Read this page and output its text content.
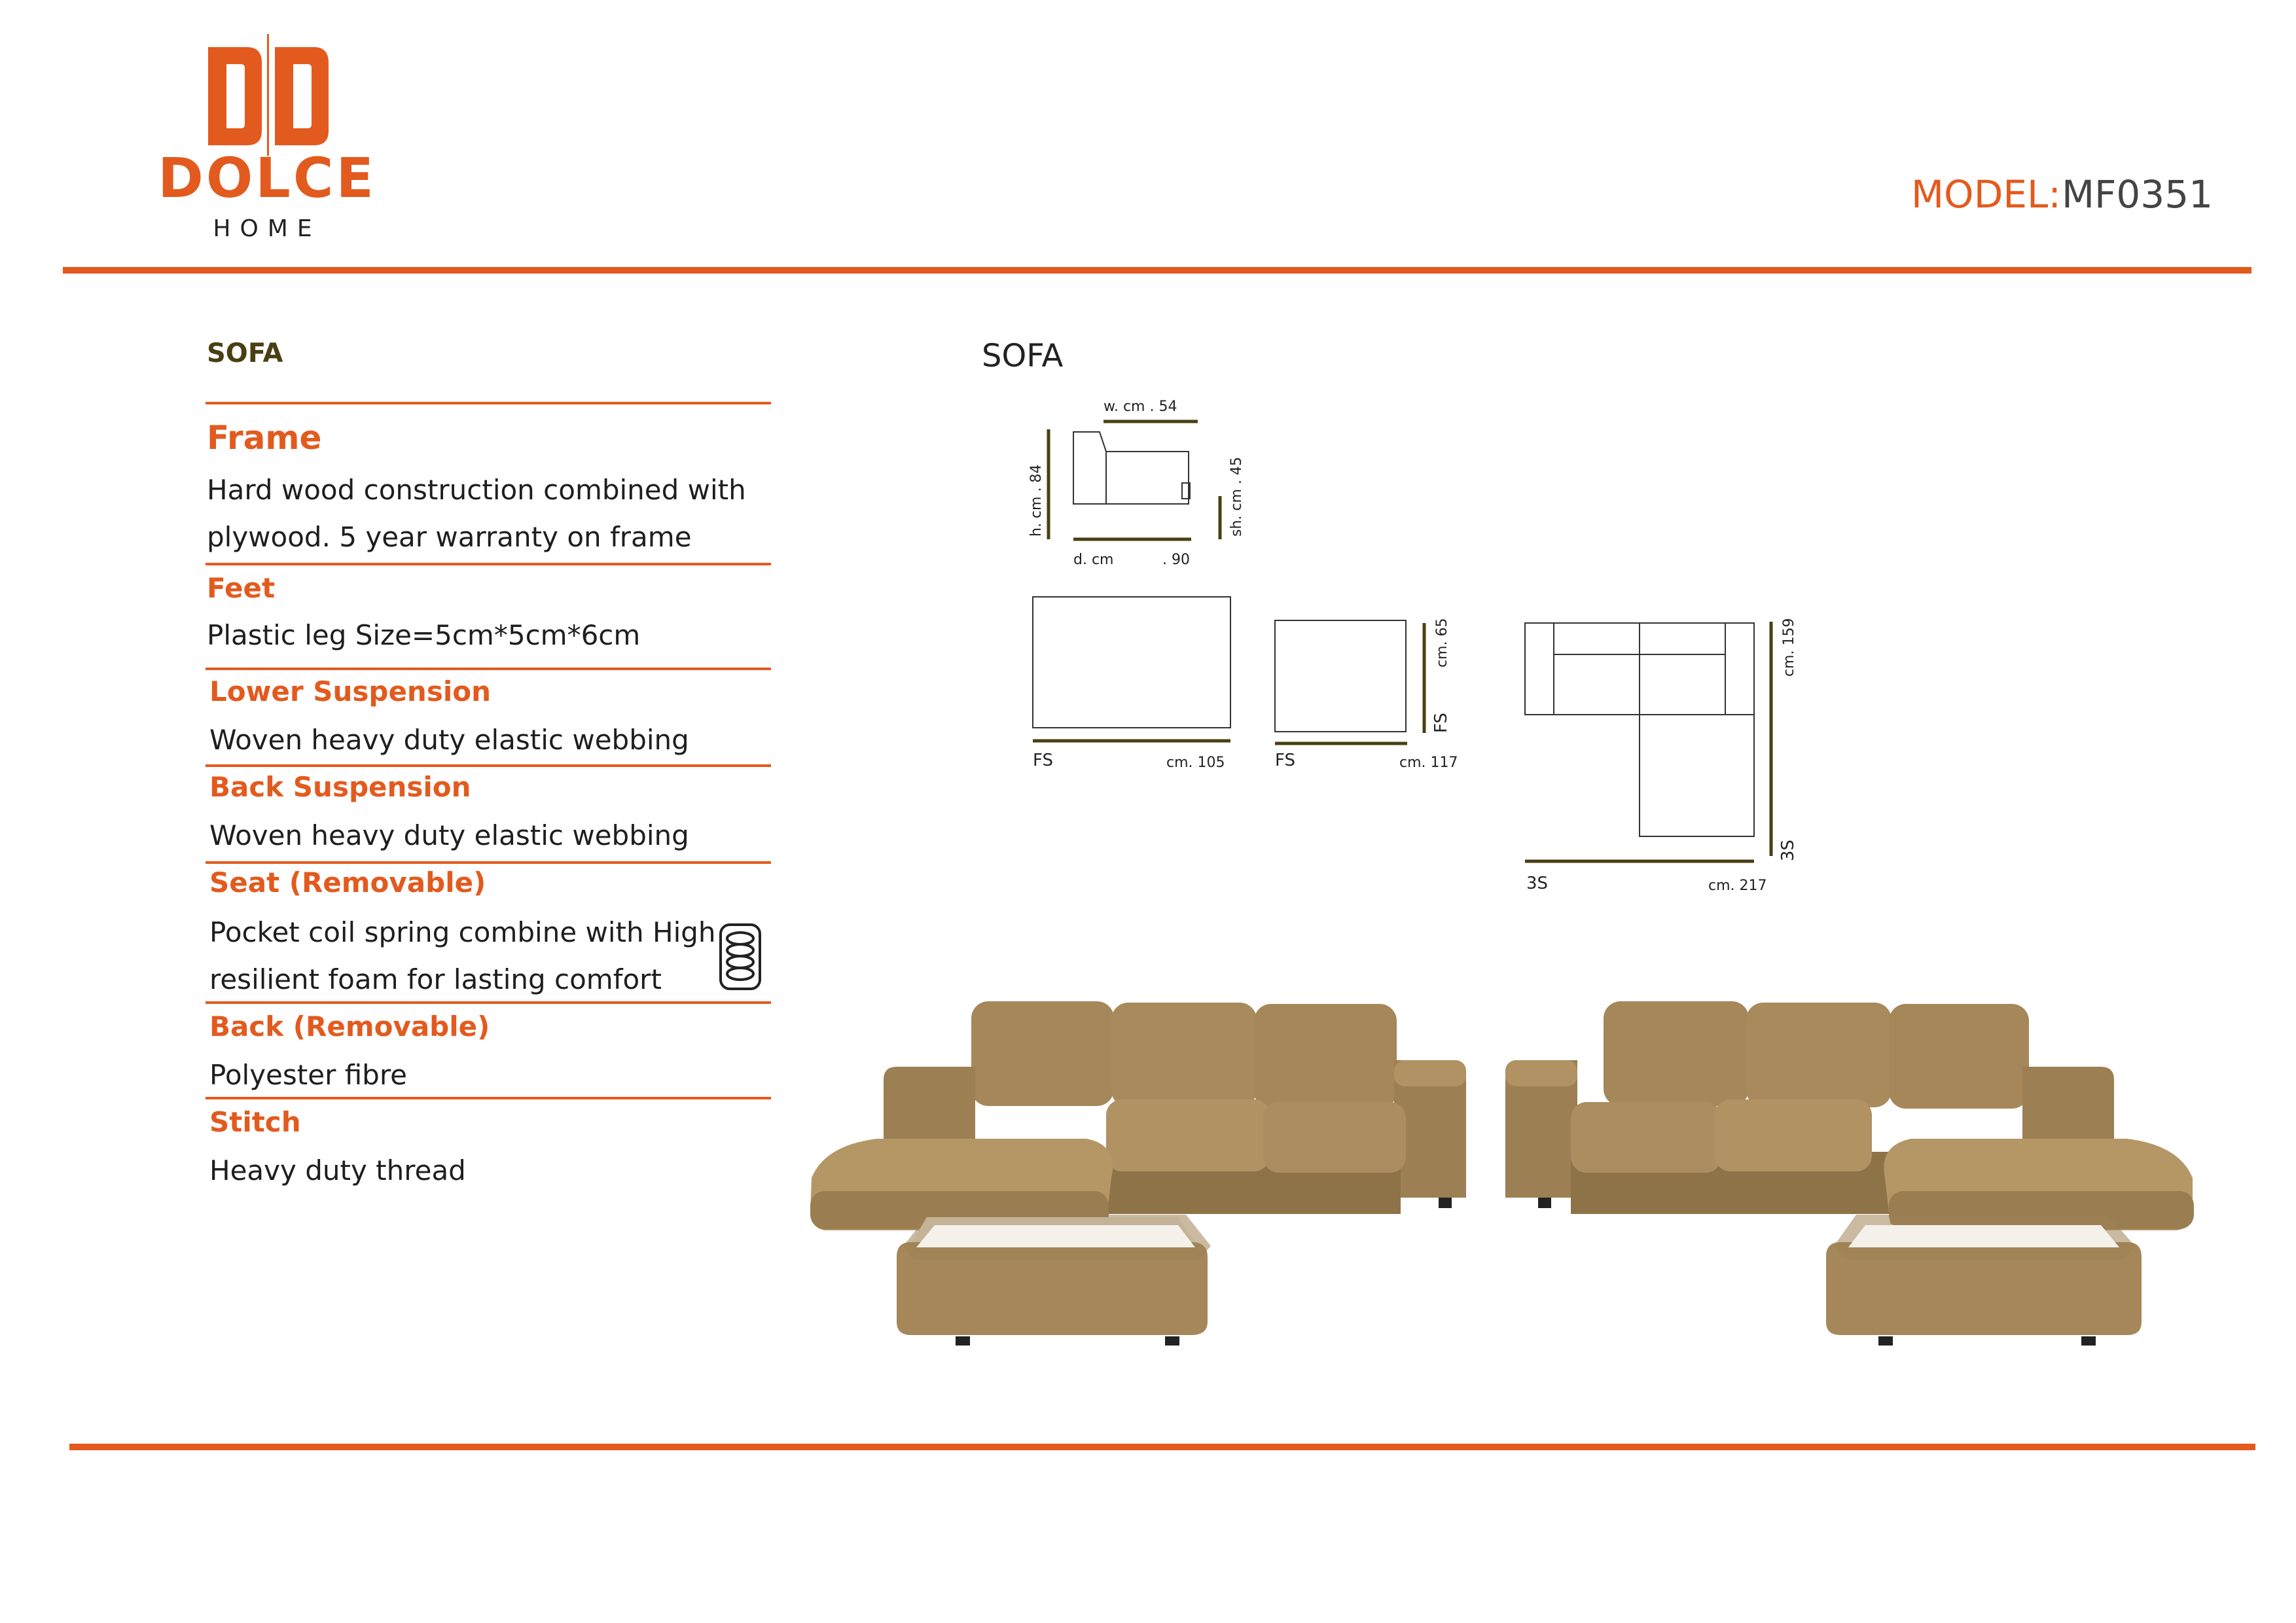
DOLCE
HOME
MODEL: MF0351
SOFA
Frame
Hard wood construction combined with
plywood. 5 year warranty on frame
Feet
Plastic leg Size=5cm*5cm*6cm
Lower Suspension
Woven heavy duty elastic webbing
Back Suspension
Woven heavy duty elastic webbing
Seat (Removable)
Pocket coil spring combine with High
resilient foam for lasting comfort
Back (Removable)
Polyester fibre
Stitch
Heavy duty thread
SOFA
w. cm . 54
h. cm . 84	sh. cm . 45
d. cm	. 90
FS	cm. 105	FS	cm. 117
cm. 65
FS
3S	cm. 217
cm. 159
3S
